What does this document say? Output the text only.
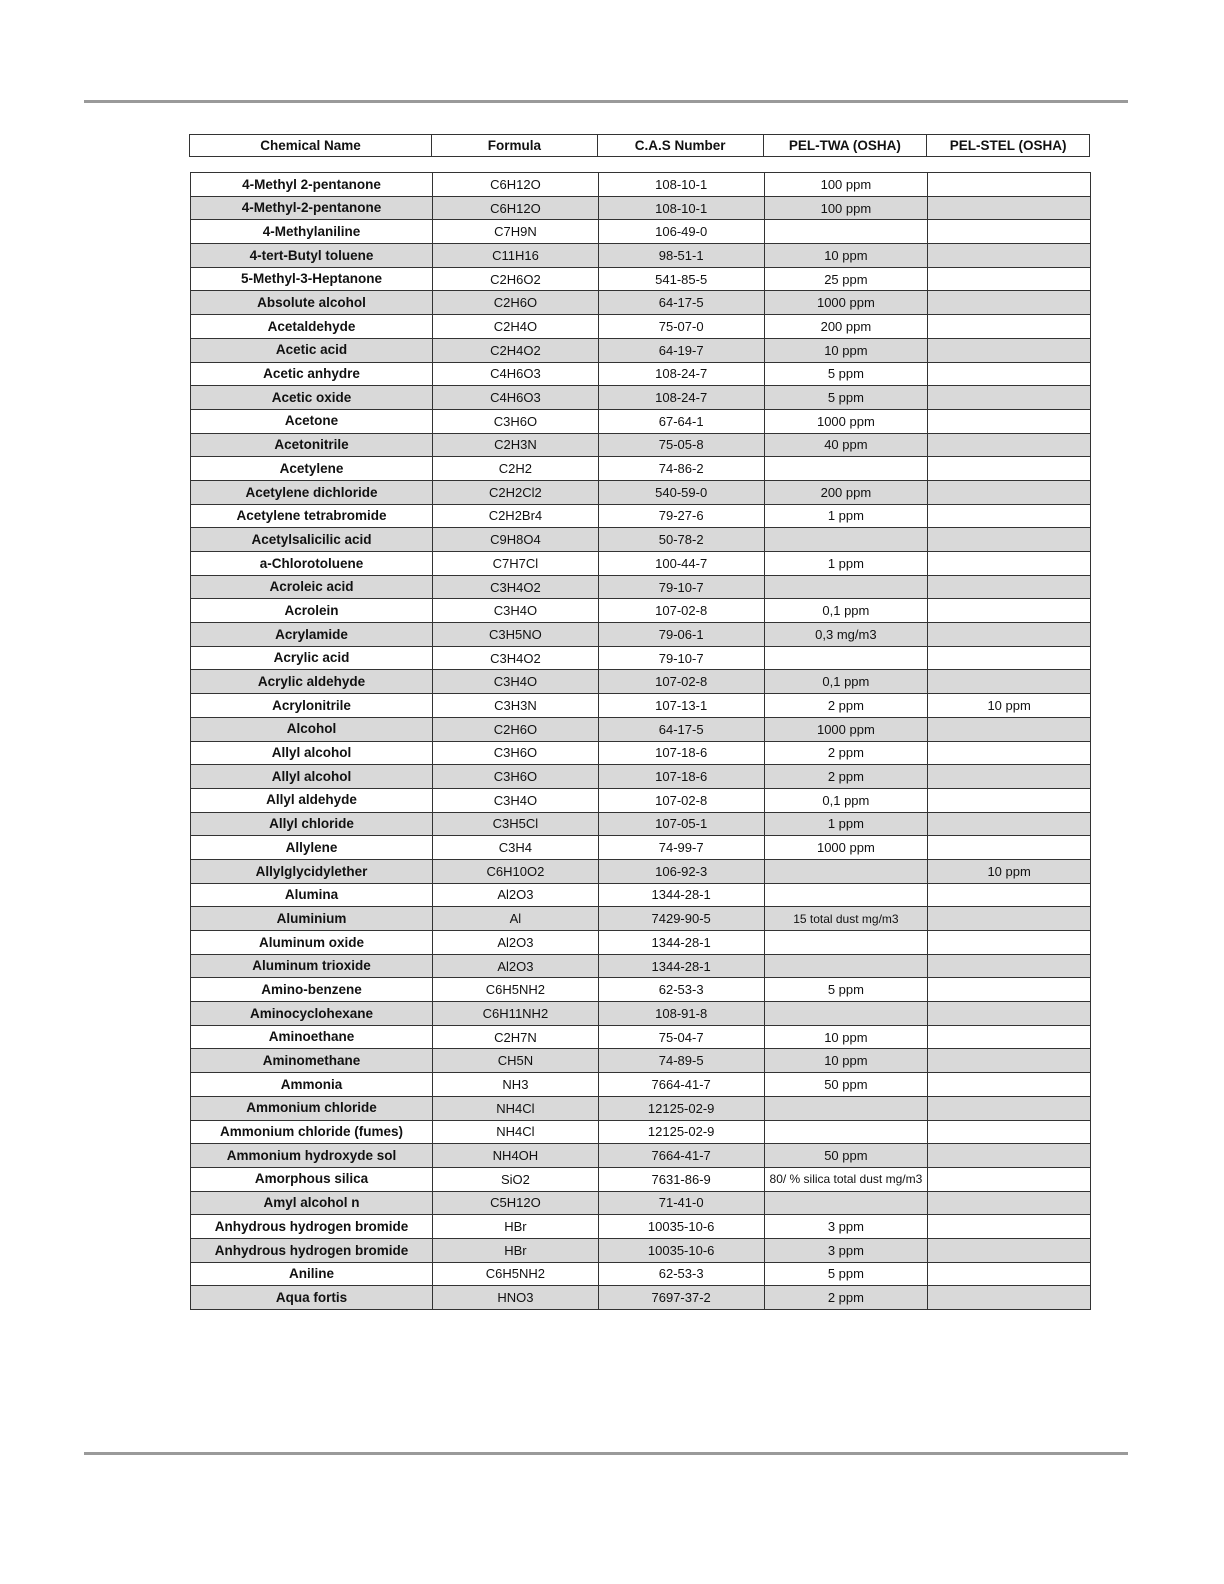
Chemical Name	Formula	C.A.S Number	PEL-TWA (OSHA)	PEL-STEL (OSHA)
4-Methyl 2-pentanone	C6H12O	108-10-1	100 ppm	
4-Methyl-2-pentanone	C6H12O	108-10-1	100 ppm	
4-Methylaniline	C7H9N	106-49-0		
4-tert-Butyl toluene	C11H16	98-51-1	10 ppm	
5-Methyl-3-Heptanone	C2H6O2	541-85-5	25 ppm	
Absolute alcohol	C2H6O	64-17-5	1000 ppm	
Acetaldehyde	C2H4O	75-07-0	200 ppm	
Acetic acid	C2H4O2	64-19-7	10 ppm	
Acetic anhydre	C4H6O3	108-24-7	5 ppm	
Acetic oxide	C4H6O3	108-24-7	5 ppm	
Acetone	C3H6O	67-64-1	1000 ppm	
Acetonitrile	C2H3N	75-05-8	40 ppm	
Acetylene	C2H2	74-86-2		
Acetylene dichloride	C2H2Cl2	540-59-0	200 ppm	
Acetylene tetrabromide	C2H2Br4	79-27-6	1 ppm	
Acetylsalicilic acid	C9H8O4	50-78-2		
a-Chlorotoluene	C7H7Cl	100-44-7	1 ppm	
Acroleic acid	C3H4O2	79-10-7		
Acrolein	C3H4O	107-02-8	0,1 ppm	
Acrylamide	C3H5NO	79-06-1	0,3 mg/m3	
Acrylic acid	C3H4O2	79-10-7		
Acrylic aldehyde	C3H4O	107-02-8	0,1 ppm	
Acrylonitrile	C3H3N	107-13-1	2 ppm	10 ppm
Alcohol	C2H6O	64-17-5	1000 ppm	
Allyl alcohol	C3H6O	107-18-6	2 ppm	
Allyl alcohol	C3H6O	107-18-6	2 ppm	
Allyl aldehyde	C3H4O	107-02-8	0,1 ppm	
Allyl chloride	C3H5Cl	107-05-1	1 ppm	
Allylene	C3H4	74-99-7	1000 ppm	
Allylglycidylether	C6H10O2	106-92-3		10 ppm
Alumina	Al2O3	1344-28-1		
Aluminium	Al	7429-90-5	15 total dust mg/m3	
Aluminum oxide	Al2O3	1344-28-1		
Aluminum trioxide	Al2O3	1344-28-1		
Amino-benzene	C6H5NH2	62-53-3	5 ppm	
Aminocyclohexane	C6H11NH2	108-91-8		
Aminoethane	C2H7N	75-04-7	10 ppm	
Aminomethane	CH5N	74-89-5	10 ppm	
Ammonia	NH3	7664-41-7	50 ppm	
Ammonium chloride	NH4Cl	12125-02-9		
Ammonium chloride (fumes)	NH4Cl	12125-02-9		
Ammonium hydroxyde sol	NH4OH	7664-41-7	50 ppm	
Amorphous silica	SiO2	7631-86-9	80/ % silica total dust mg/m3	
Amyl alcohol n	C5H12O	71-41-0		
Anhydrous hydrogen bromide	HBr	10035-10-6	3 ppm	
Anhydrous hydrogen bromide	HBr	10035-10-6	3 ppm	
Aniline	C6H5NH2	62-53-3	5 ppm	
Aqua fortis	HNO3	7697-37-2	2 ppm	
